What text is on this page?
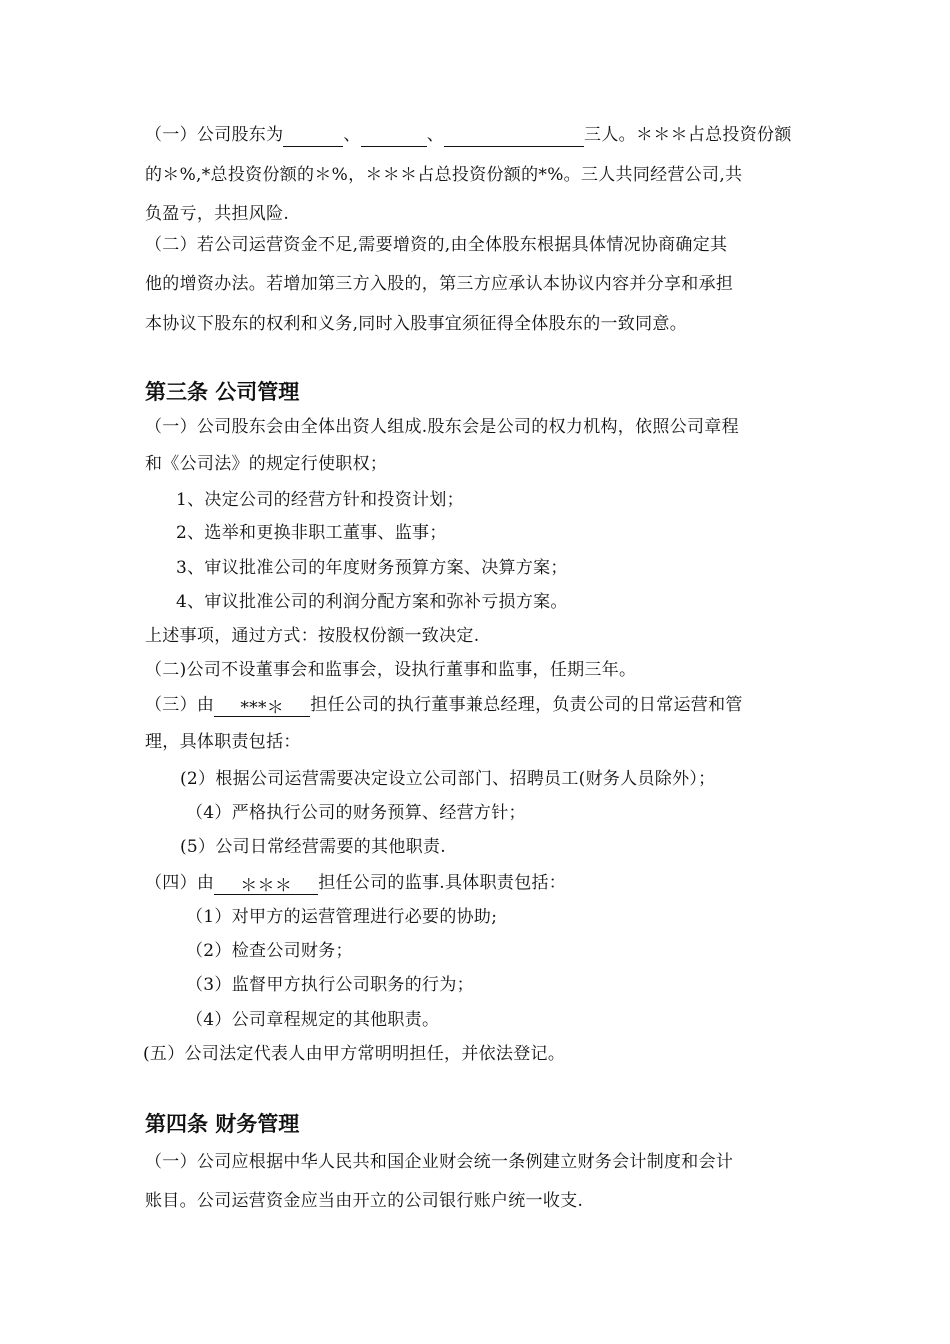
（一）公司股东为	、	、	三人。＊＊＊占总投资份额
的＊%,*总投资份额的＊%，＊＊＊占总投资份额的*%。三人共同经营公司,共
负盈亏，共担风险.
（二）若公司运营资金不足,需要增资的,由全体股东根据具体情况协商确定其
他的增资办法。若增加第三方入股的，第三方应承认本协议内容并分享和承担
本协议下股东的权利和义务,同时入股事宜须征得全体股东的一致同意。
第三条 公司管理
（一）公司股东会由全体出资人组成.股东会是公司的权力机构，依照公司章程
和《公司法》的规定行使职权；
1、决定公司的经营方针和投资计划；
2、选举和更换非职工董事、监事；
3、审议批准公司的年度财务预算方案、决算方案；
4、审议批准公司的利润分配方案和弥补亏损方案。
上述事项，通过方式：按股权份额一致决定.
（二)公司不设董事会和监事会，设执行董事和监事，任期三年。
（三）由 ***＊ 担任公司的执行董事兼总经理，负责公司的日常运营和管
理，具体职责包括：
(2）根据公司运营需要决定设立公司部门、招聘员工(财务人员除外）；
（4）严格执行公司的财务预算、经营方针；
(5）公司日常经营需要的其他职责.
（四）由 ＊＊＊ 担任公司的监事.具体职责包括：
（1）对甲方的运营管理进行必要的协助;
（2）检查公司财务；
（3）监督甲方执行公司职务的行为；
（4）公司章程规定的其他职责。
(五）公司法定代表人由甲方常明明担任，并依法登记。
第四条 财务管理
（一）公司应根据中华人民共和国企业财会统一条例建立财务会计制度和会计
账目。公司运营资金应当由开立的公司银行账户统一收支.
